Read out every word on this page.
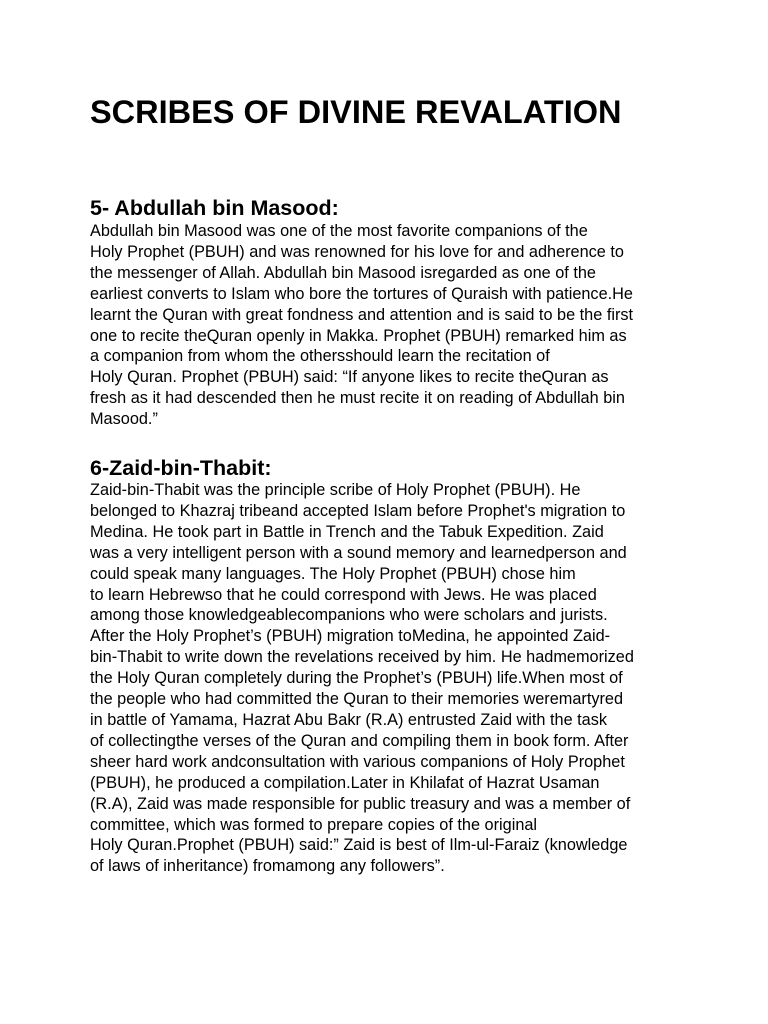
SCRIBES OF DIVINE REVALATION
5- Abdullah bin Masood:
Abdullah bin Masood was one of the most favorite companions of the
Holy Prophet (PBUH) and was renowned for his love for and adherence to
the messenger of Allah. Abdullah bin Masood isregarded as one of the
earliest converts to Islam who bore the tortures of Quraish with patience.He
learnt the Quran with great fondness and attention and is said to be the first
one to recite theQuran openly in Makka. Prophet (PBUH) remarked him as
a companion from whom the othersshould learn the recitation of
Holy Quran. Prophet (PBUH) said: “If anyone likes to recite theQuran as
fresh as it had descended then he must recite it on reading of Abdullah bin
Masood.”
6-Zaid-bin-Thabit:
Zaid-bin-Thabit was the principle scribe of Holy Prophet (PBUH). He
belonged to Khazraj tribeand accepted Islam before Prophet's migration to
Medina. He took part in Battle in Trench and the Tabuk Expedition. Zaid
was a very intelligent person with a sound memory and learnedperson and
could speak many languages. The Holy Prophet (PBUH) chose him
to learn Hebrewso that he could correspond with Jews. He was placed
among those knowledgeablecompanions who were scholars and jurists.
After the Holy Prophet’s (PBUH) migration toMedina, he appointed Zaid-
bin-Thabit to write down the revelations received by him. He hadmemorized
the Holy Quran completely during the Prophet’s (PBUH) life.When most of
the people who had committed the Quran to their memories weremartyred
in battle of Yamama, Hazrat Abu Bakr (R.A) entrusted Zaid with the task
of collectingthe verses of the Quran and compiling them in book form. After
sheer hard work andconsultation with various companions of Holy Prophet
(PBUH), he produced a compilation.Later in Khilafat of Hazrat Usaman
(R.A), Zaid was made responsible for public treasury and was a member of
committee, which was formed to prepare copies of the original
Holy Quran.Prophet (PBUH) said:” Zaid is best of Ilm-ul-Faraiz (knowledge
of laws of inheritance) fromamong any followers”.
